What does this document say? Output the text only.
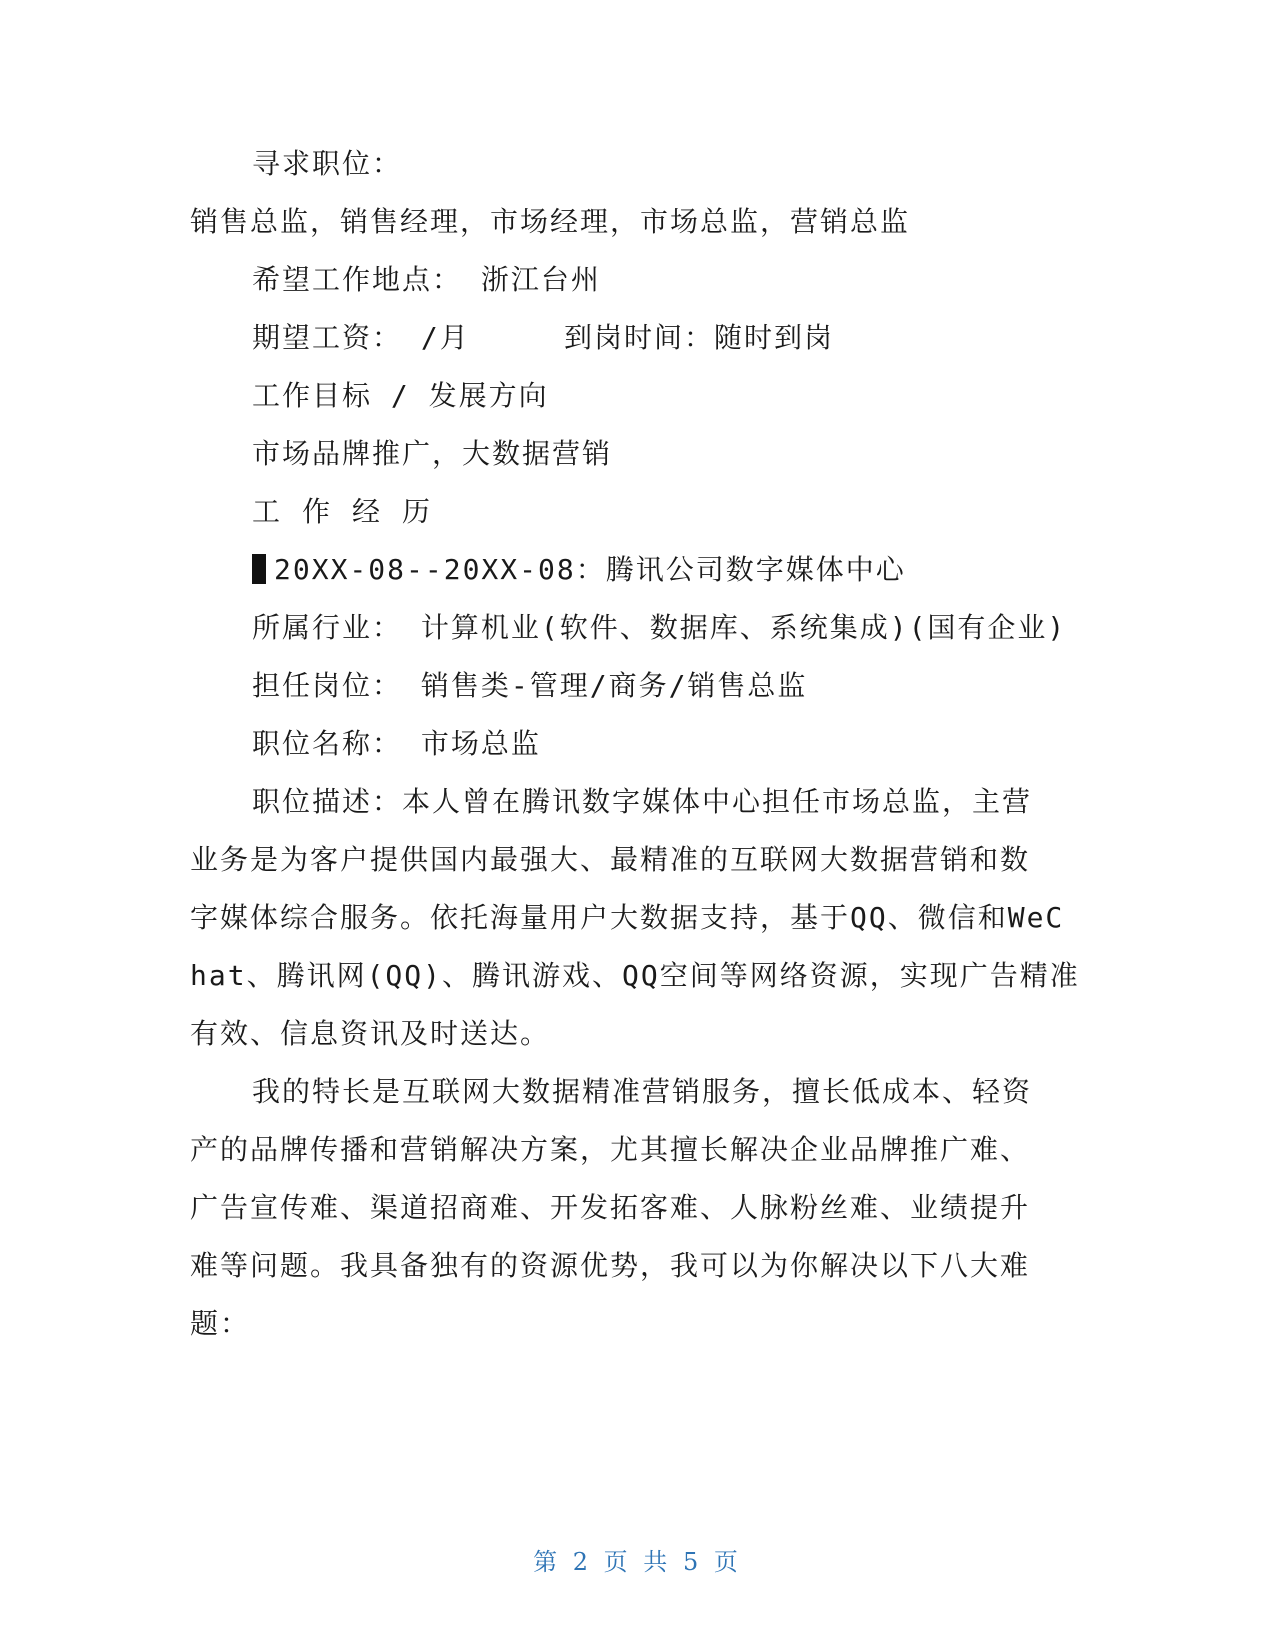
寻求职位：
销售总监，销售经理，市场经理，市场总监，营销总监
希望工作地点： 浙江台州
期望工资： /月     到岗时间：随时到岗
工作目标 / 发展方向
市场品牌推广，大数据营销
工作经历
20XX-08--20XX-08：腾讯公司数字媒体中心
所属行业： 计算机业(软件、数据库、系统集成)(国有企业)
担任岗位： 销售类-管理/商务/销售总监
职位名称： 市场总监
职位描述：本人曾在腾讯数字媒体中心担任市场总监，主营
业务是为客户提供国内最强大、最精准的互联网大数据营销和数
字媒体综合服务。依托海量用户大数据支持，基于QQ、微信和WeC
hat、腾讯网(QQ)、腾讯游戏、QQ空间等网络资源，实现广告精准
有效、信息资讯及时送达。
我的特长是互联网大数据精准营销服务，擅长低成本、轻资
产的品牌传播和营销解决方案，尤其擅长解决企业品牌推广难、
广告宣传难、渠道招商难、开发拓客难、人脉粉丝难、业绩提升
难等问题。我具备独有的资源优势，我可以为你解决以下八大难
题：
第 2 页 共 5 页
